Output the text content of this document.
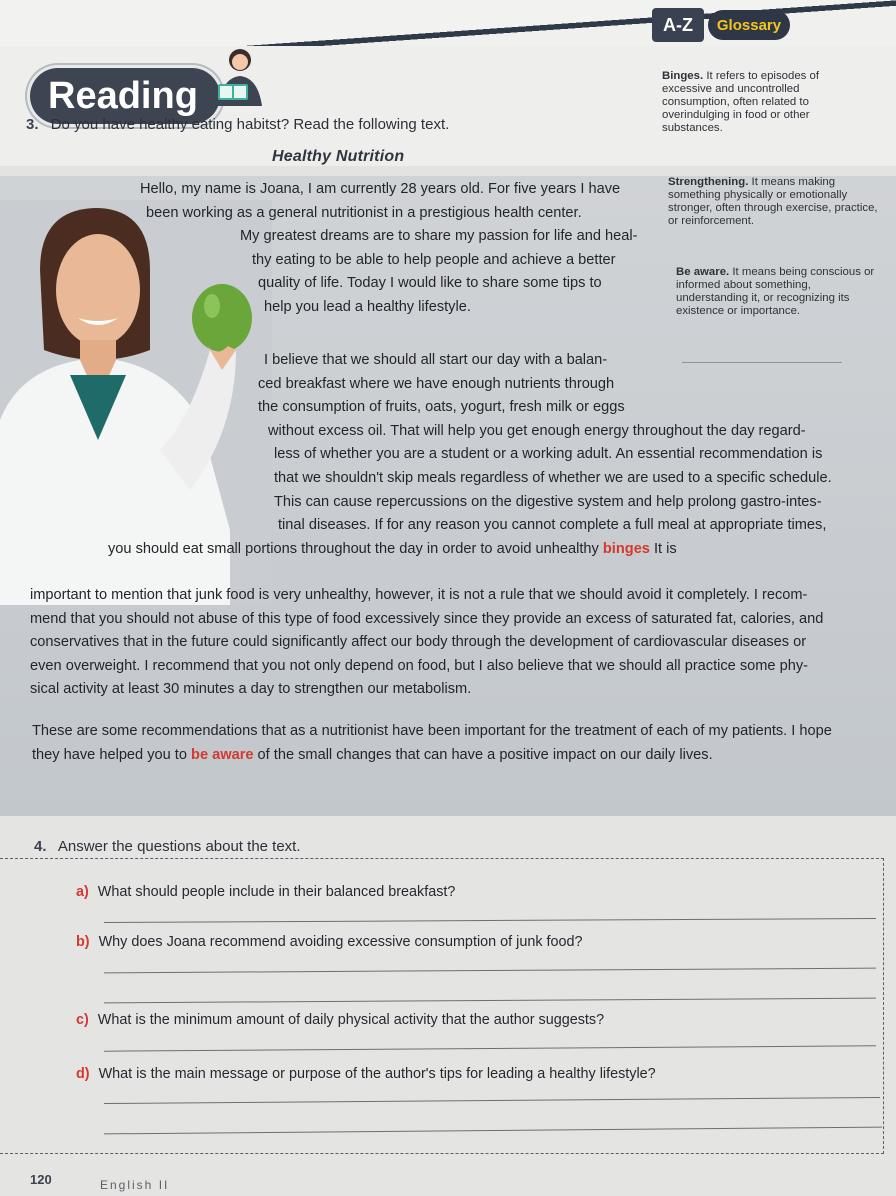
A-Z	Glossary
Reading
3. Do you have healthy eating habitst? Read the following text.
Healthy Nutrition
Hello, my name is Joana, I am currently 28 years old. For five years I have
been working as a general nutritionist in a prestigious health center.
My greatest dreams are to share my passion for life and heal-
thy eating to be able to help people and achieve a better
quality of life. Today I would like to share some tips to
help you lead a healthy lifestyle.
I believe that we should all start our day with a balan-
ced breakfast where we have enough nutrients through
the consumption of fruits, oats, yogurt, fresh milk or eggs
without excess oil. That will help you get enough energy throughout the day regard-
less of whether you are a student or a working adult. An essential recommendation is
that we shouldn't skip meals regardless of whether we are used to a specific schedule.
This can cause repercussions on the digestive system and help prolong gastro-intes-
tinal diseases. If for any reason you cannot complete a full meal at appropriate times,
you should eat small portions throughout the day in order to avoid unhealthy binges It is
important to mention that junk food is very unhealthy, however, it is not a rule that we should avoid it completely. I recom-
mend that you should not abuse of this type of food excessively since they provide an excess of saturated fat, calories, and
conservatives that in the future could significantly affect our body through the development of cardiovascular diseases or
even overweight. I recommend that you not only depend on food, but I also believe that we should all practice some phy-
sical activity at least 30 minutes a day to strengthen our metabolism.
These are some recommendations that as a nutritionist have been important for the treatment of each of my patients. I hope
they have helped you to be aware of the small changes that can have a positive impact on our daily lives.
Binges. It refers to episodes of excessive and uncontrolled consumption, often related to overindulging in food or other substances.
Strengthening. It means making something physically or emotionally stronger, often through exercise, practice, or reinforcement.
Be aware. It means being conscious or informed about something, understanding it, or recognizing its existence or importance.
4. Answer the questions about the text.
a) What should people include in their balanced breakfast?
b) Why does Joana recommend avoiding excessive consumption of junk food?
c) What is the minimum amount of daily physical activity that the author suggests?
d) What is the main message or purpose of the author's tips for leading a healthy lifestyle?
120	English II
